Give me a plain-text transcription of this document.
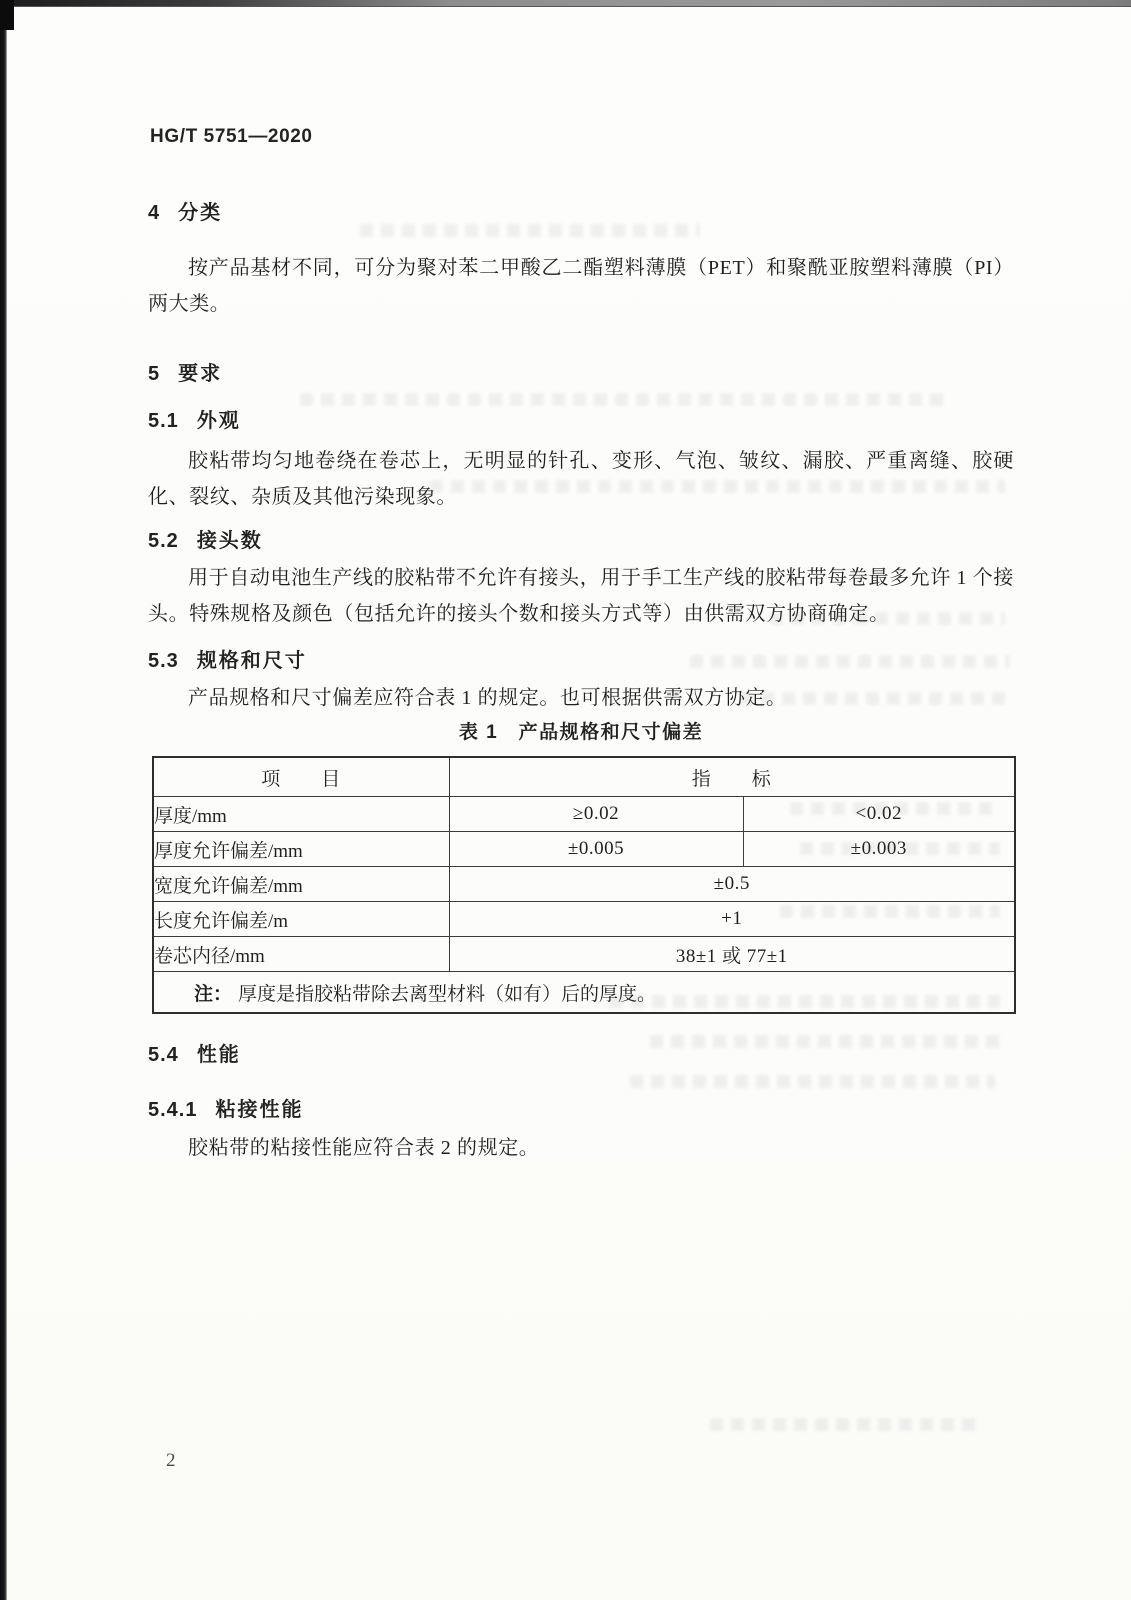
HG/T 5751—2020
4 分类
按产品基材不同，可分为聚对苯二甲酸乙二酯塑料薄膜（PET）和聚酰亚胺塑料薄膜（PI）两大类。
5 要求
5.1 外观
胶粘带均匀地卷绕在卷芯上，无明显的针孔、变形、气泡、皱纹、漏胶、严重离缝、胶硬化、裂纹、杂质及其他污染现象。
5.2 接头数
用于自动电池生产线的胶粘带不允许有接头，用于手工生产线的胶粘带每卷最多允许 1 个接头。特殊规格及颜色（包括允许的接头个数和接头方式等）由供需双方协商确定。
5.3 规格和尺寸
产品规格和尺寸偏差应符合表 1 的规定。也可根据供需双方协定。
表 1　产品规格和尺寸偏差
项　　目	指　　标	
厚度/mm	≥0.02	<0.02
厚度允许偏差/mm	±0.005	±0.003
宽度允许偏差/mm	±0.5	
长度允许偏差/m	+1	
卷芯内径/mm	38±1 或 77±1	
注： 厚度是指胶粘带除去离型材料（如有）后的厚度。		
5.4 性能
5.4.1 粘接性能
胶粘带的粘接性能应符合表 2 的规定。
2
